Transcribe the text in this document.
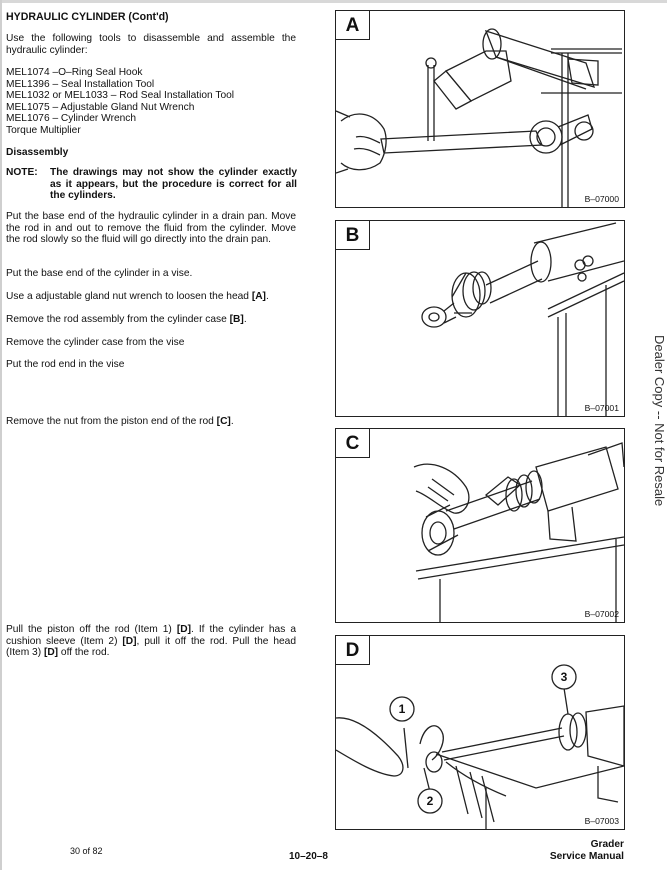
HYDRAULIC CYLINDER (Cont'd)
Use the following tools to disassemble and assemble the hydraulic cylinder:
MEL1074 –O–Ring Seal Hook
MEL1396 – Seal Installation Tool
MEL1032 or MEL1033 – Rod Seal Installation Tool
MEL1075 – Adjustable Gland Nut Wrench
MEL1076 – Cylinder Wrench
Torque Multiplier
Disassembly
NOTE: The drawings may not show the cylinder exactly as it appears, but the procedure is correct for all the cylinders.
Put the base end of the hydraulic cylinder in a drain pan. Move the rod in and out to remove the fluid from the cylinder. Move the rod slowly so the fluid will go directly into the drain pan.
Put the base end of the cylinder in a vise.
Use a adjustable gland nut wrench to loosen the head [A].
Remove the rod assembly from the cylinder case [B].
Remove the cylinder case from the vise
Put the rod end in the vise
Remove the nut from the piston end of the rod [C].
Pull the piston off the rod (Item 1) [D]. If the cylinder has a cushion sleeve (Item 2) [D], pull it off the rod. Pull the head (Item 3) [D] off the rod.
A
B–07000
B
B–07001
C
B–07002
1
2
3
D
B–07003
Dealer Copy -- Not for Resale
30 of 82	10–20–8
Grader
Service Manual
